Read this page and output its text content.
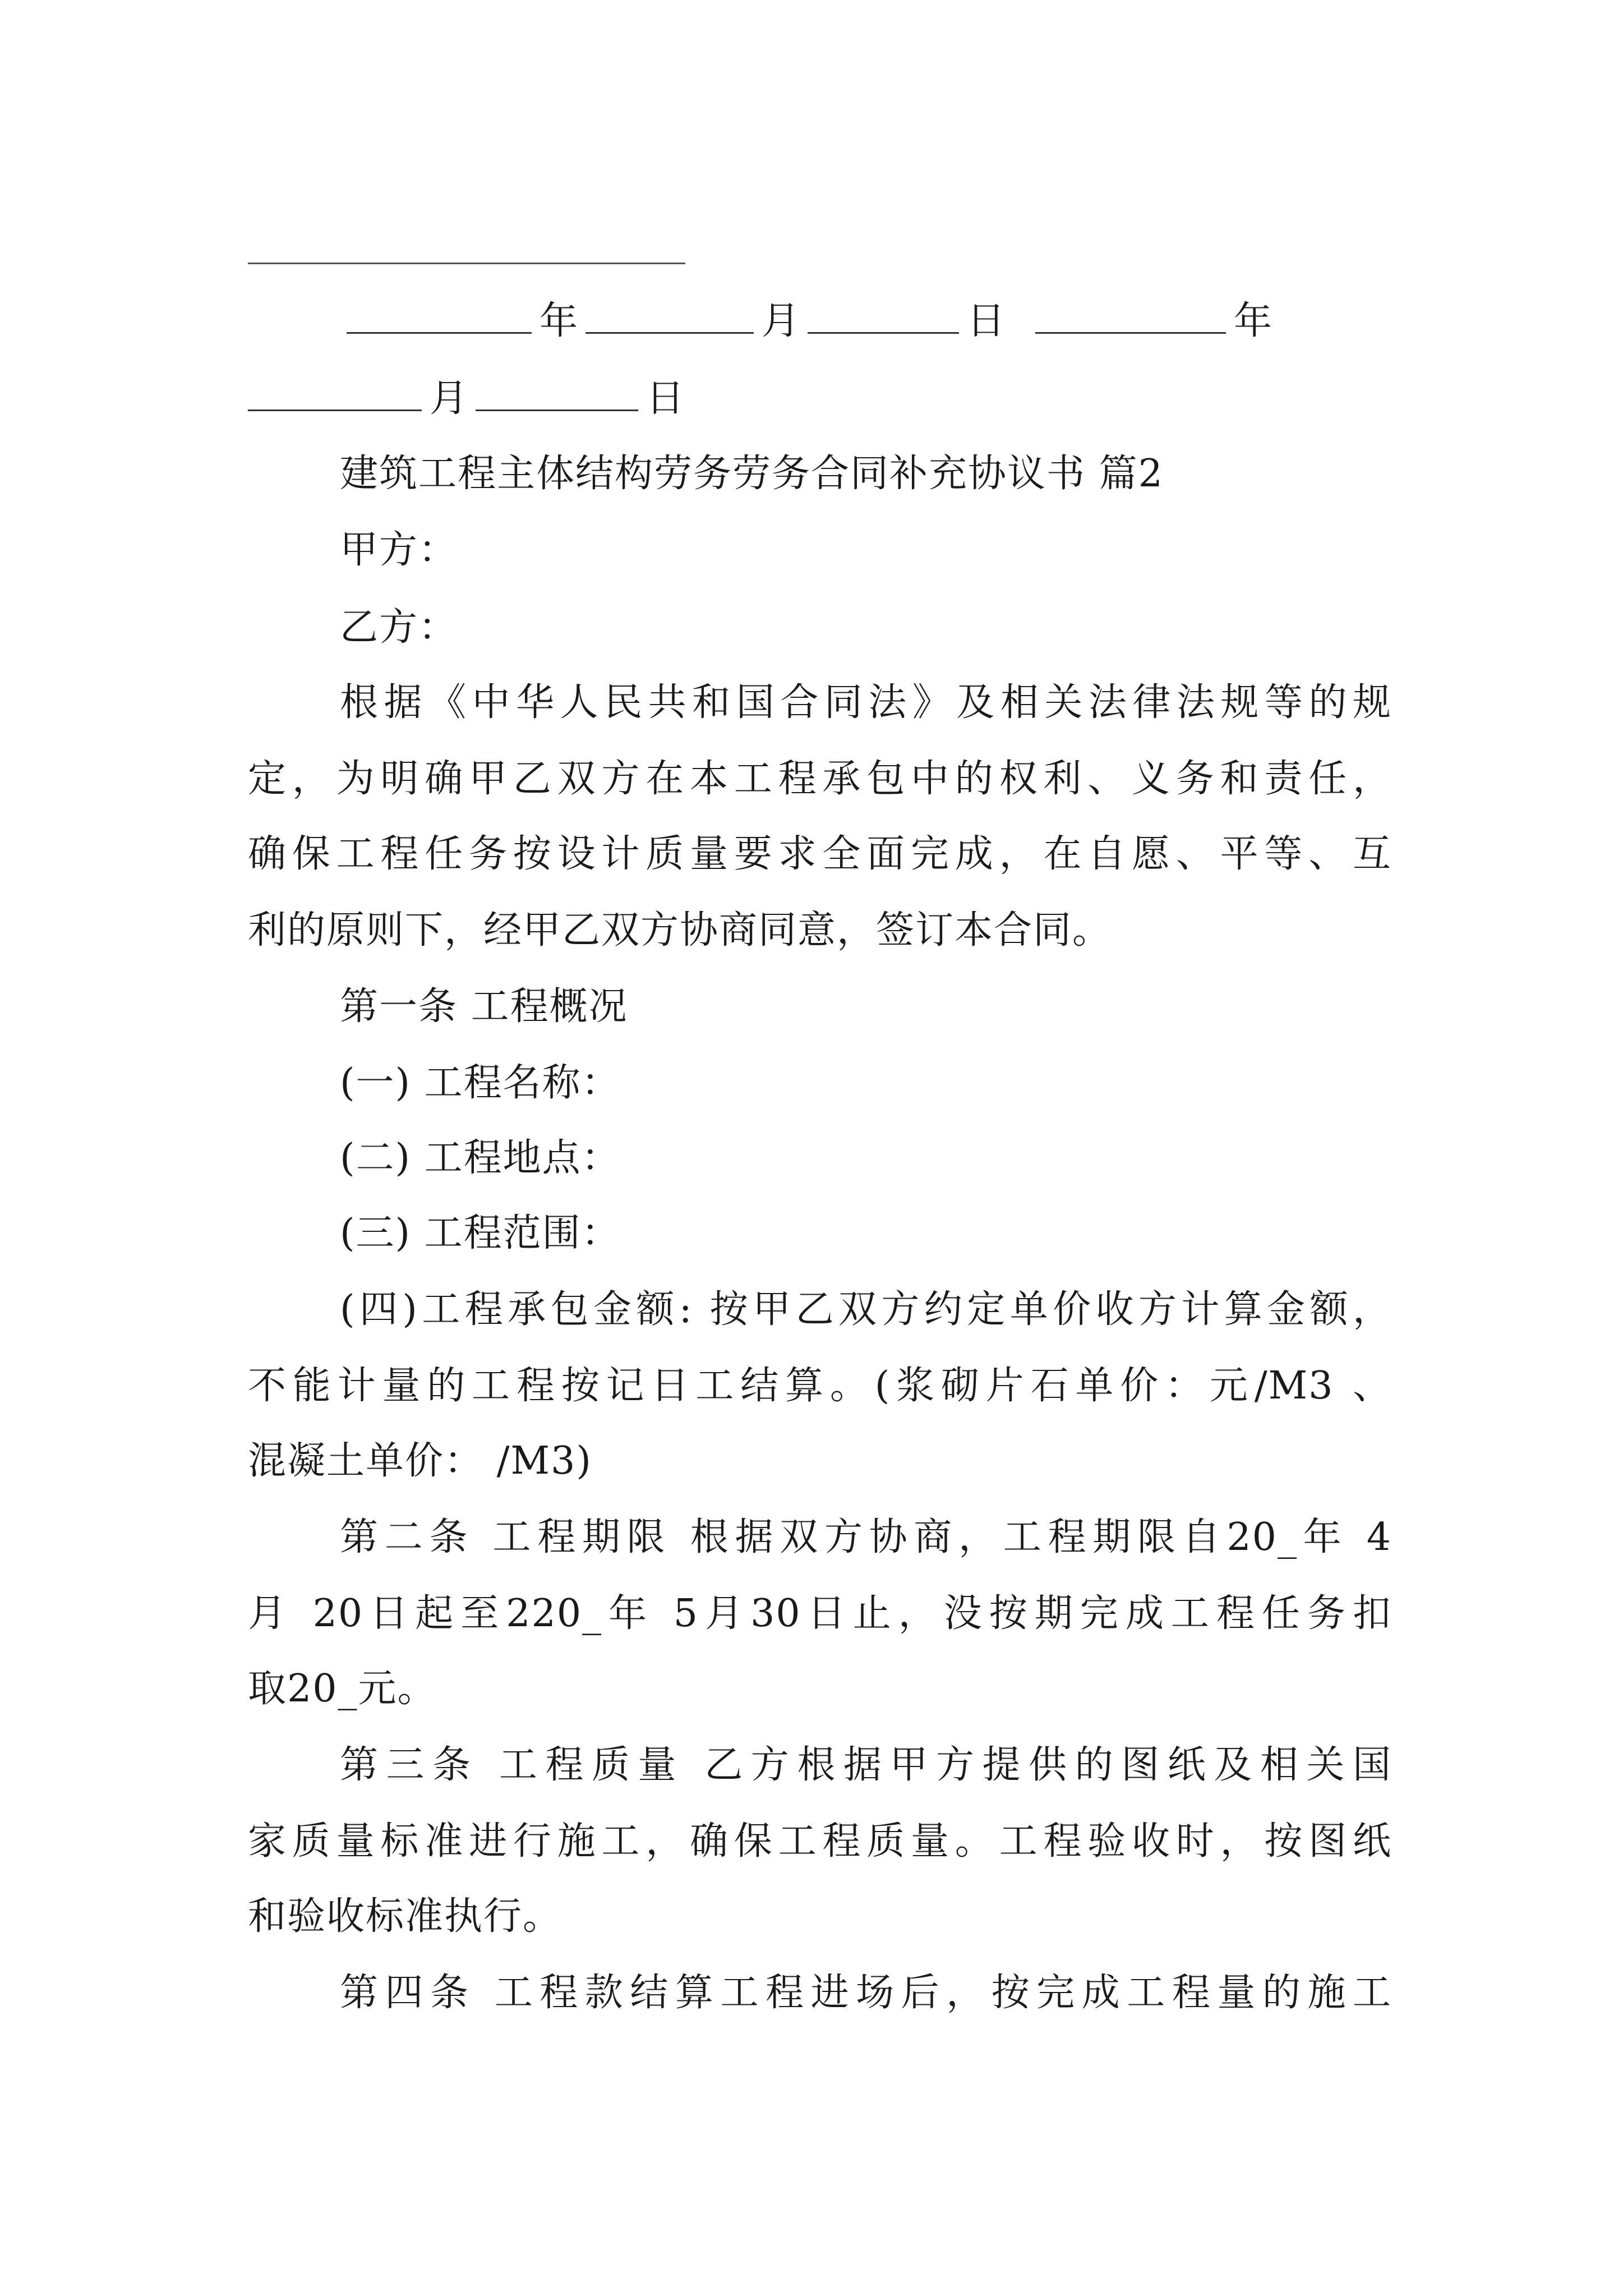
年	月	日	年
月	日
建筑工程主体结构劳务劳务合同补充协议书 篇2
甲方：
乙方：
根据《中华人民共和国合同法》及相关法律法规等的规
定，为明确甲乙双方在本工程承包中的权利、义务和责任，
确保工程任务按设计质量要求全面完成，在自愿、平等、互
利的原则下，经甲乙双方协商同意，签订本合同。
第一条 工程概况
(一) 工程名称：
(二) 工程地点：
(三) 工程范围：
(四)工程承包金额: 按甲乙双方约定单价收方计算金额，
不能计量的工程按记日工结算。(浆砌片石单价：元/M3 、
混凝土单价： /M3)
第二条 工程期限 根据双方协商，工程期限自20_年 4
月 20日起至220_年 5月30日止，没按期完成工程任务扣
取20_元。
第三条 工程质量 乙方根据甲方提供的图纸及相关国
家质量标准进行施工，确保工程质量。工程验收时，按图纸
和验收标准执行。
第四条 工程款结算工程进场后，按完成工程量的施工
